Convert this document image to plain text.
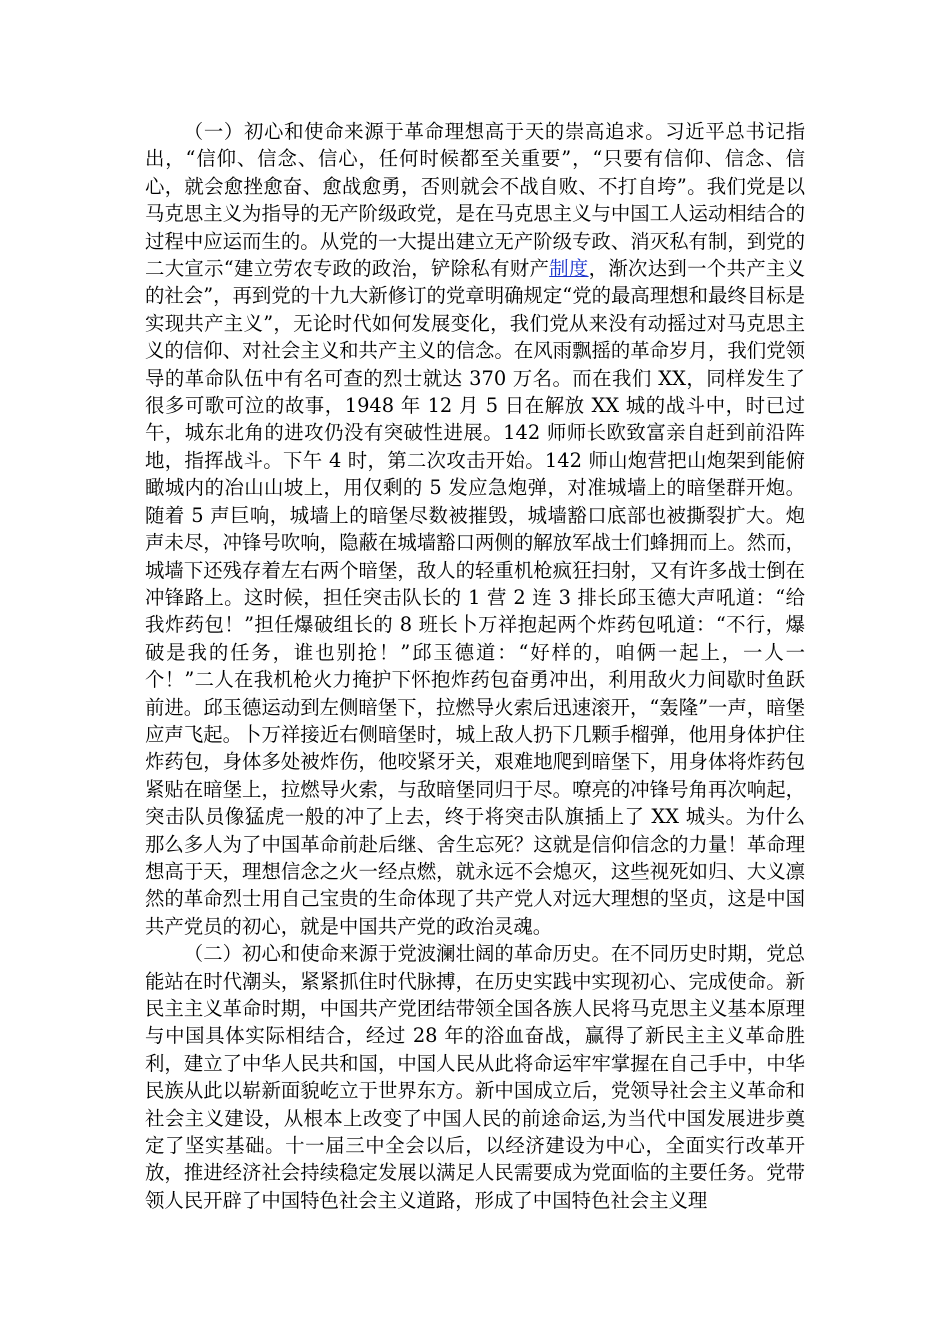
（一）初心和使命来源于革命理想高于天的崇高追求。习近平总书记指出，“信仰、信念、信心，任何时候都至关重要”，“只要有信仰、信念、信心，就会愈挫愈奋、愈战愈勇，否则就会不战自败、不打自垮”。我们党是以马克思主义为指导的无产阶级政党，是在马克思主义与中国工人运动相结合的过程中应运而生的。从党的一大提出建立无产阶级专政、消灭私有制，到党的二大宣示“建立劳农专政的政治，铲除私有财产制度，渐次达到一个共产主义的社会”，再到党的十九大新修订的党章明确规定“党的最高理想和最终目标是实现共产主义”，无论时代如何发展变化，我们党从来没有动摇过对马克思主义的信仰、对社会主义和共产主义的信念。在风雨飘摇的革命岁月，我们党领导的革命队伍中有名可查的烈士就达 370 万名。而在我们 XX，同样发生了很多可歌可泣的故事，1948 年 12 月 5 日在解放 XX 城的战斗中，时已过午，城东北角的进攻仍没有突破性进展。142 师师长欧致富亲自赶到前沿阵地，指挥战斗。下午 4 时，第二次攻击开始。142 师山炮营把山炮架到能俯瞰城内的冶山山坡上，用仅剩的 5 发应急炮弹，对准城墙上的暗堡群开炮。随着 5 声巨响，城墙上的暗堡尽数被摧毁，城墙豁口底部也被撕裂扩大。炮声未尽，冲锋号吹响，隐蔽在城墙豁口两侧的解放军战士们蜂拥而上。然而，城墙下还残存着左右两个暗堡，敌人的轻重机枪疯狂扫射，又有许多战士倒在冲锋路上。这时候，担任突击队长的 1 营 2 连 3 排长邱玉德大声吼道：“给我炸药包！”担任爆破组长的 8 班长卜万祥抱起两个炸药包吼道：“不行，爆破是我的任务，谁也别抢！”邱玉德道：“好样的，咱俩一起上，一人一个！”二人在我机枪火力掩护下怀抱炸药包奋勇冲出，利用敌火力间歇时鱼跃前进。邱玉德运动到左侧暗堡下，拉燃导火索后迅速滚开，“轰隆”一声，暗堡应声飞起。卜万祥接近右侧暗堡时，城上敌人扔下几颗手榴弹，他用身体护住炸药包，身体多处被炸伤，他咬紧牙关，艰难地爬到暗堡下，用身体将炸药包紧贴在暗堡上，拉燃导火索，与敌暗堡同归于尽。嘹亮的冲锋号角再次响起，突击队员像猛虎一般的冲了上去，终于将突击队旗插上了 XX 城头。为什么那么多人为了中国革命前赴后继、舍生忘死？这就是信仰信念的力量！革命理想高于天，理想信念之火一经点燃，就永远不会熄灭，这些视死如归、大义凛然的革命烈士用自己宝贵的生命体现了共产党人对远大理想的坚贞，这是中国共产党员的初心，就是中国共产党的政治灵魂。

（二）初心和使命来源于党波澜壮阔的革命历史。在不同历史时期，党总能站在时代潮头，紧紧抓住时代脉搏，在历史实践中实现初心、完成使命。新民主主义革命时期，中国共产党团结带领全国各族人民将马克思主义基本原理与中国具体实际相结合，经过 28 年的浴血奋战，赢得了新民主主义革命胜利，建立了中华人民共和国，中国人民从此将命运牢牢掌握在自己手中，中华民族从此以崭新面貌屹立于世界东方。新中国成立后，党领导社会主义革命和社会主义建设，从根本上改变了中国人民的前途命运,为当代中国发展进步奠定了坚实基础。十一届三中全会以后，以经济建设为中心，全面实行改革开放，推进经济社会持续稳定发展以满足人民需要成为党面临的主要任务。党带领人民开辟了中国特色社会主义道路，形成了中国特色社会主义理
